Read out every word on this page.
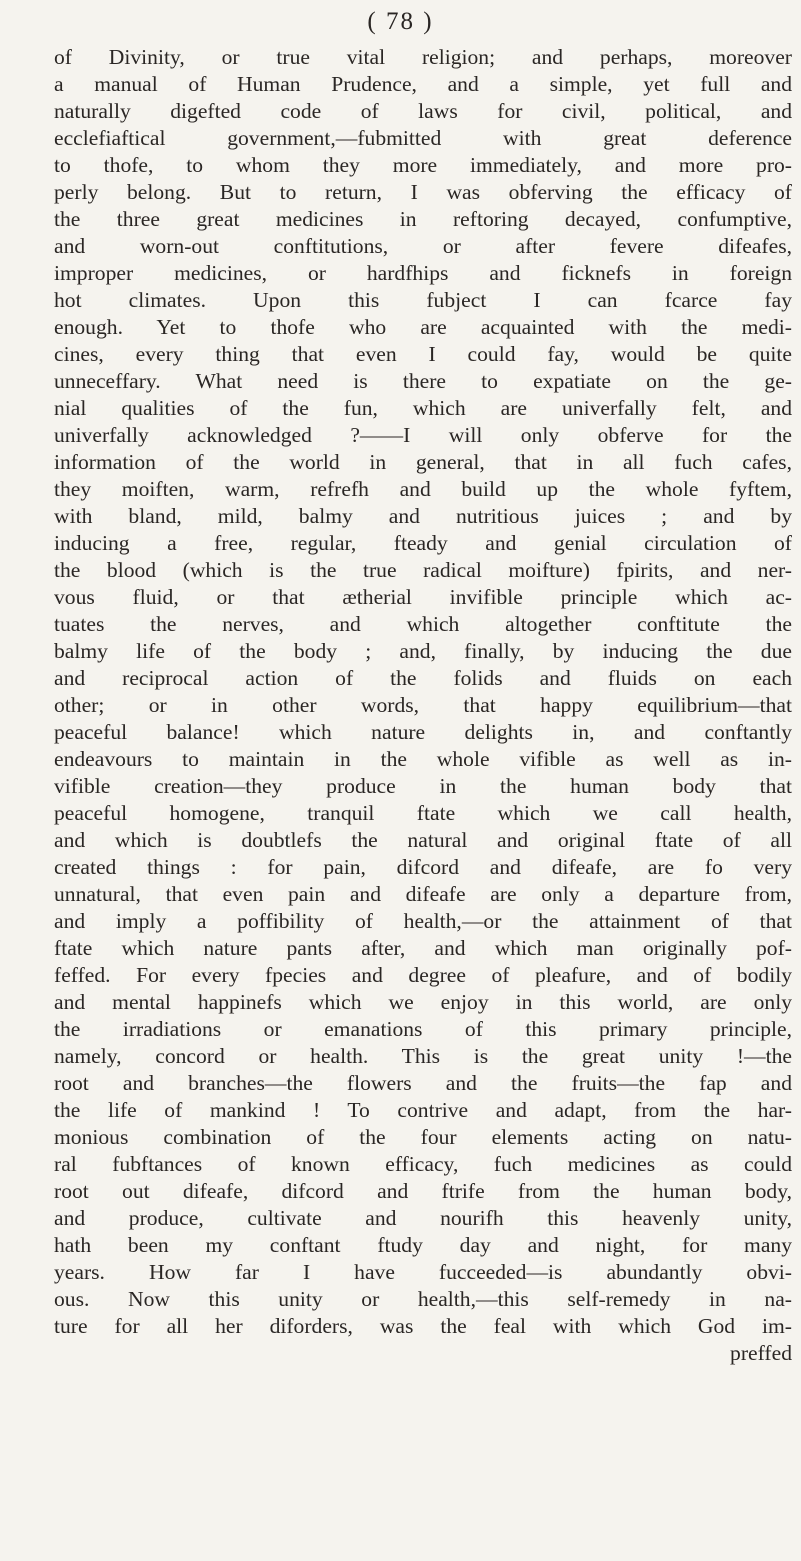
( 78 )
of Divinity, or true vital religion; and perhaps, moreover
a manual of Human Prudence, and a simple, yet full and
naturally digefted code of laws for civil, political, and
ecclefiaftical government,—fubmitted with great deference
to thofe, to whom they more immediately, and more pro-
perly belong. But to return, I was obferving the efficacy of
the three great medicines in reftoring decayed, confumptive,
and worn-out conftitutions, or after fevere difeafes,
improper medicines, or hardfhips and ficknefs in foreign
hot climates. Upon this fubject I can fcarce fay
enough. Yet to thofe who are acquainted with the medi-
cines, every thing that even I could fay, would be quite
unneceffary. What need is there to expatiate on the ge-
nial qualities of the fun, which are univerfally felt, and
univerfally acknowledged ?——I will only obferve for the
information of the world in general, that in all fuch cafes,
they moiften, warm, refrefh and build up the whole fyftem,
with bland, mild, balmy and nutritious juices ; and by
inducing a free, regular, fteady and genial circulation of
the blood (which is the true radical moifture) fpirits, and ner-
vous fluid, or that ætherial invifible principle which ac-
tuates the nerves, and which altogether conftitute the
balmy life of the body ; and, finally, by inducing the due
and reciprocal action of the folids and fluids on each
other; or in other words, that happy equilibrium—that
peaceful balance! which nature delights in, and conftantly
endeavours to maintain in the whole vifible as well as in-
vifible creation—they produce in the human body that
peaceful homogene, tranquil ftate which we call health,
and which is doubtlefs the natural and original ftate of all
created things : for pain, difcord and difeafe, are fo very
unnatural, that even pain and difeafe are only a departure from,
and imply a poffibility of health,—or the attainment of that
ftate which nature pants after, and which man originally pof-
feffed. For every fpecies and degree of pleafure, and of bodily
and mental happinefs which we enjoy in this world, are only
the irradiations or emanations of this primary principle,
namely, concord or health. This is the great unity !—the
root and branches—the flowers and the fruits—the fap and
the life of mankind ! To contrive and adapt, from the har-
monious combination of the four elements acting on natu-
ral fubftances of known efficacy, fuch medicines as could
root out difeafe, difcord and ftrife from the human body,
and produce, cultivate and nourifh this heavenly unity,
hath been my conftant ftudy day and night, for many
years. How far I have fucceeded—is abundantly obvi-
ous. Now this unity or health,—this self-remedy in na-
ture for all her diforders, was the feal with which God im-
preffed
